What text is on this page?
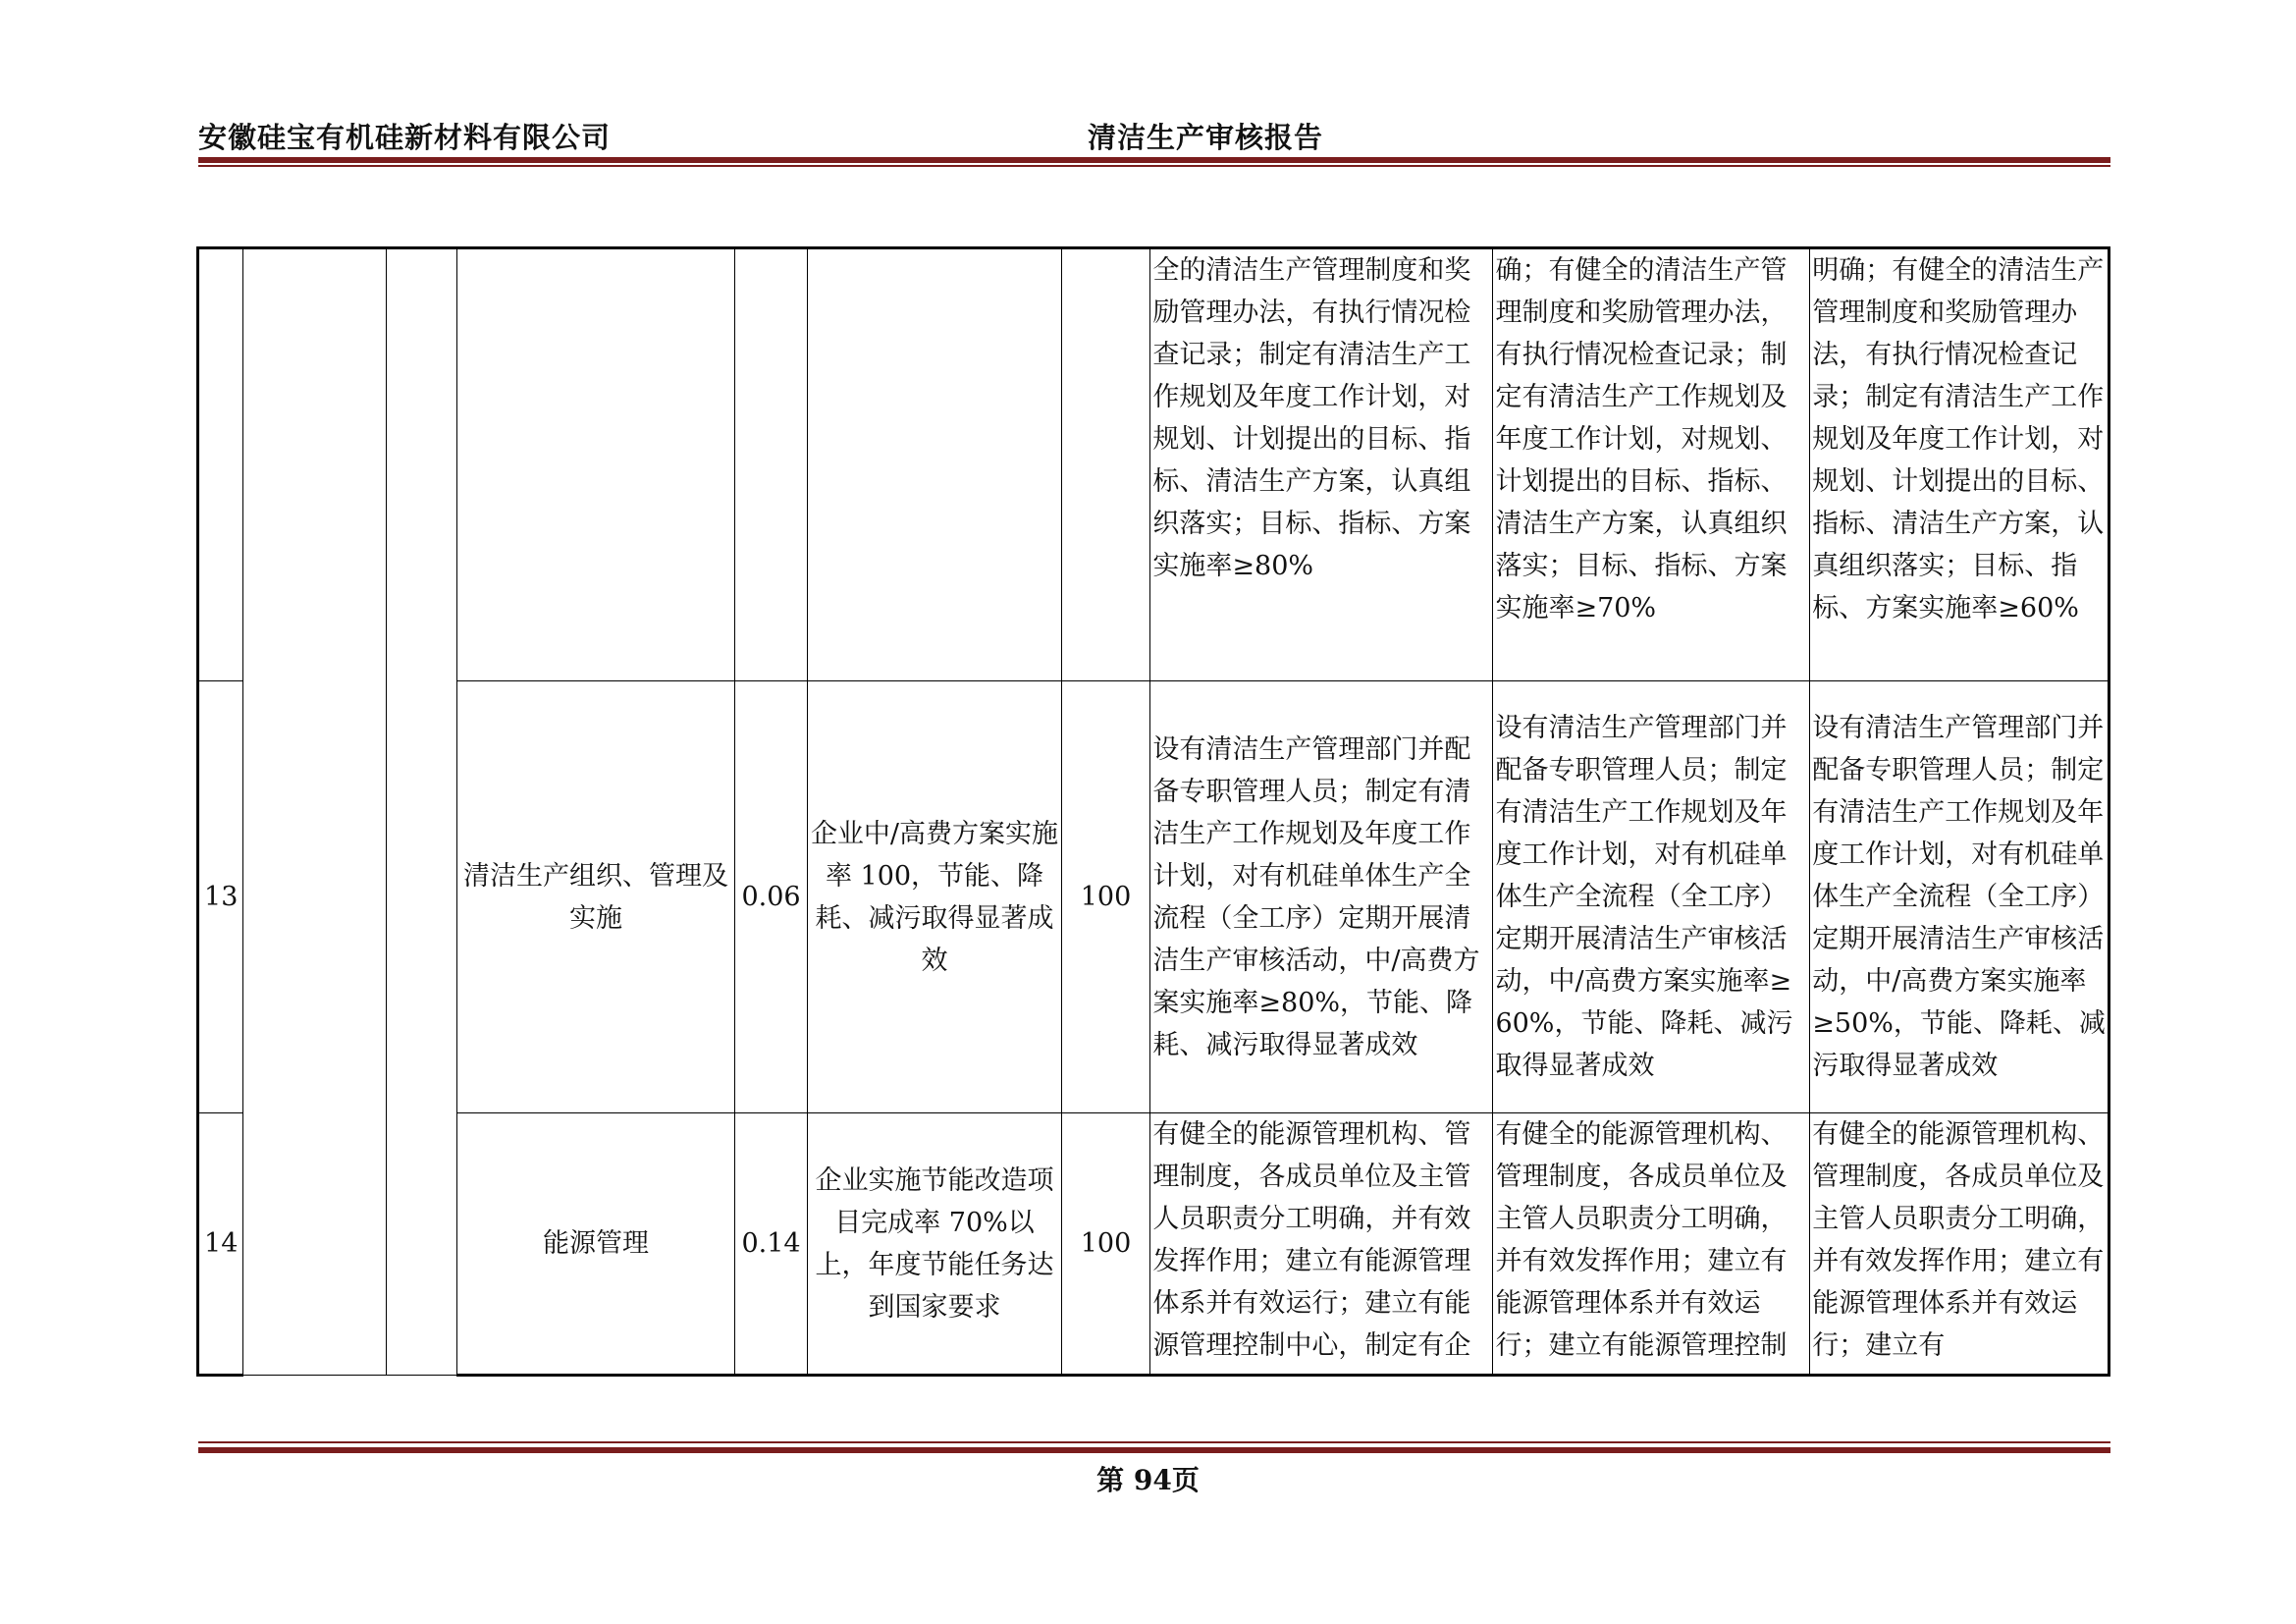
安徽硅宝有机硅新材料有限公司	清洁生产审核报告
							全的清洁生产管理制度和奖励管理办法，有执行情况检查记录；制定有清洁生产工作规划及年度工作计划，对规划、计划提出的目标、指标、清洁生产方案，认真组织落实；目标、指标、方案实施率≥80%	确；有健全的清洁生产管理制度和奖励管理办法，有执行情况检查记录；制定有清洁生产工作规划及年度工作计划，对规划、计划提出的目标、指标、清洁生产方案，认真组织落实；目标、指标、方案实施率≥70%	明确；有健全的清洁生产管理制度和奖励管理办法，有执行情况检查记录；制定有清洁生产工作规划及年度工作计划，对规划、计划提出的目标、指标、清洁生产方案，认真组织落实；目标、指标、方案实施率≥60%
13			清洁生产组织、管理及实施	0.06	企业中/高费方案实施率 100，节能、降耗、减污取得显著成效	100	设有清洁生产管理部门并配备专职管理人员；制定有清洁生产工作规划及年度工作计划，对有机硅单体生产全流程（全工序）定期开展清洁生产审核活动，中/高费方案实施率≥80%，节能、降耗、减污取得显著成效	设有清洁生产管理部门并配备专职管理人员；制定有清洁生产工作规划及年度工作计划，对有机硅单体生产全流程（全工序）定期开展清洁生产审核活动，中/高费方案实施率≥60%，节能、降耗、减污取得显著成效	设有清洁生产管理部门并配备专职管理人员；制定有清洁生产工作规划及年度工作计划，对有机硅单体生产全流程（全工序）定期开展清洁生产审核活动，中/高费方案实施率≥50%，节能、降耗、减污取得显著成效
14			能源管理	0.14	企业实施节能改造项目完成率 70%以上，年度节能任务达到国家要求	100	有健全的能源管理机构、管理制度，各成员单位及主管人员职责分工明确，并有效发挥作用；建立有能源管理体系并有效运行；建立有能源管理控制中心，制定有企	有健全的能源管理机构、管理制度，各成员单位及主管人员职责分工明确，并有效发挥作用；建立有能源管理体系并有效运行；建立有能源管理控制	有健全的能源管理机构、管理制度，各成员单位及主管人员职责分工明确，并有效发挥作用；建立有能源管理体系并有效运行；建立有
第 94页
